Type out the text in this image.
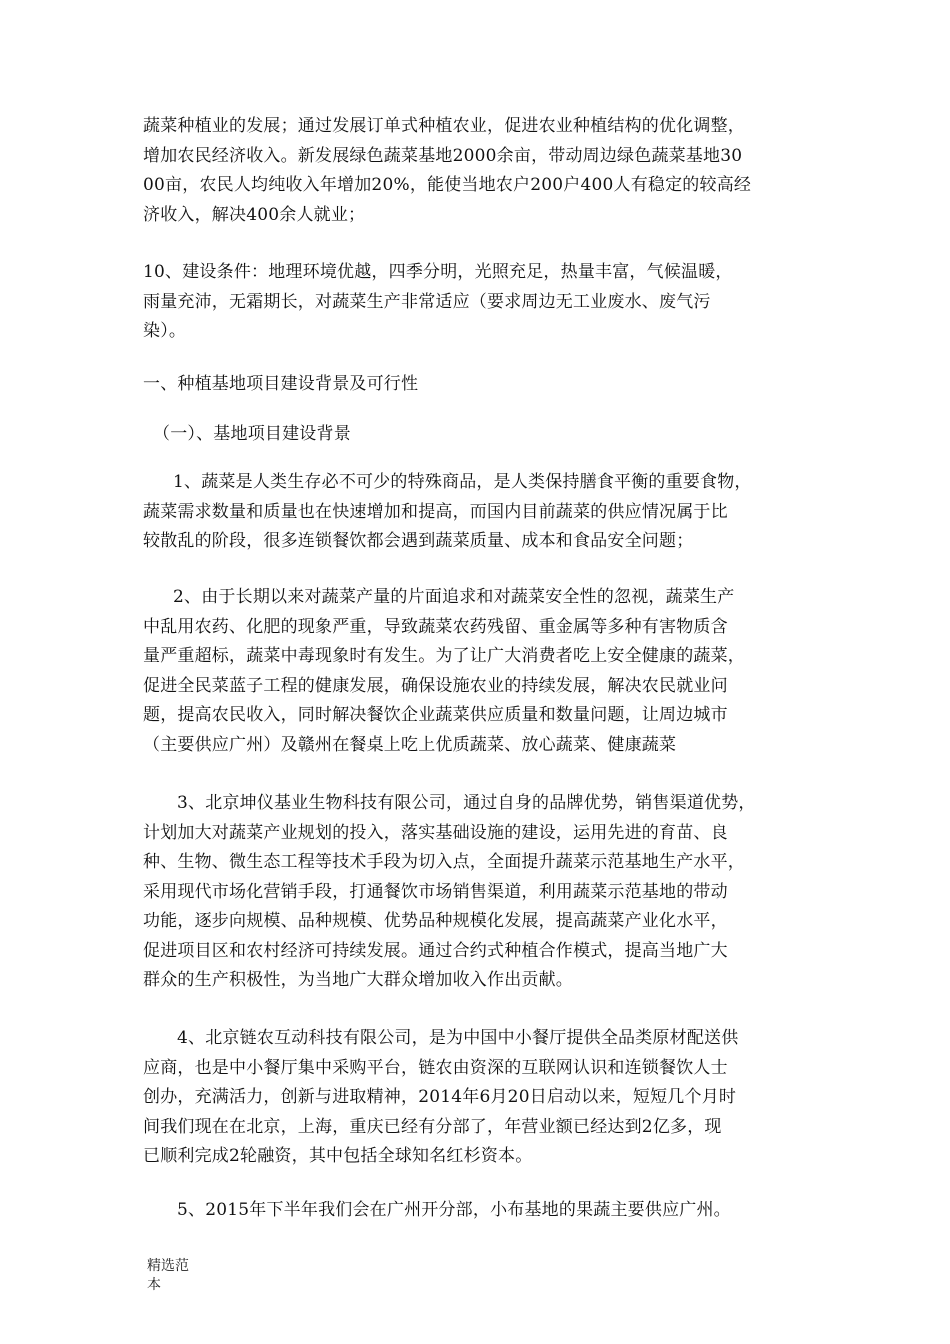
蔬菜种植业的发展；通过发展订单式种植农业，促进农业种植结构的优化调整，
增加农民经济收入。新发展绿色蔬菜基地2000余亩，带动周边绿色蔬菜基地30
00亩，农民人均纯收入年增加20%，能使当地农户200户400人有稳定的较高经
济收入，解决400余人就业；
10、建设条件：地理环境优越，四季分明，光照充足，热量丰富，气候温暖，
雨量充沛，无霜期长，对蔬菜生产非常适应（要求周边无工业废水、废气污
染）。
一、种植基地项目建设背景及可行性
（一）、基地项目建设背景
1、蔬菜是人类生存必不可少的特殊商品，是人类保持膳食平衡的重要食物，
蔬菜需求数量和质量也在快速增加和提高，而国内目前蔬菜的供应情况属于比
较散乱的阶段，很多连锁餐饮都会遇到蔬菜质量、成本和食品安全问题；
2、由于长期以来对蔬菜产量的片面追求和对蔬菜安全性的忽视，蔬菜生产
中乱用农药、化肥的现象严重，导致蔬菜农药残留、重金属等多种有害物质含
量严重超标，蔬菜中毒现象时有发生。为了让广大消费者吃上安全健康的蔬菜，
促进全民菜蓝子工程的健康发展，确保设施农业的持续发展，解决农民就业问
题，提高农民收入，同时解决餐饮企业蔬菜供应质量和数量问题，让周边城市
（主要供应广州）及赣州在餐桌上吃上优质蔬菜、放心蔬菜、健康蔬菜
3、北京坤仪基业生物科技有限公司，通过自身的品牌优势，销售渠道优势，
计划加大对蔬菜产业规划的投入，落实基础设施的建设，运用先进的育苗、良
种、生物、微生态工程等技术手段为切入点，全面提升蔬菜示范基地生产水平，
采用现代市场化营销手段，打通餐饮市场销售渠道，利用蔬菜示范基地的带动
功能，逐步向规模、品种规模、优势品种规模化发展，提高蔬菜产业化水平，
促进项目区和农村经济可持续发展。通过合约式种植合作模式，提高当地广大
群众的生产积极性，为当地广大群众增加收入作出贡献。
4、北京链农互动科技有限公司，是为中国中小餐厅提供全品类原材配送供
应商，也是中小餐厅集中采购平台，链农由资深的互联网认识和连锁餐饮人士
创办，充满活力，创新与进取精神，2014年6月20日启动以来，短短几个月时
间我们现在在北京，上海，重庆已经有分部了，年营业额已经达到2亿多，现
已顺利完成2轮融资，其中包括全球知名红杉资本。
5、2015年下半年我们会在广州开分部，小布基地的果蔬主要供应广州。
精选范
本
